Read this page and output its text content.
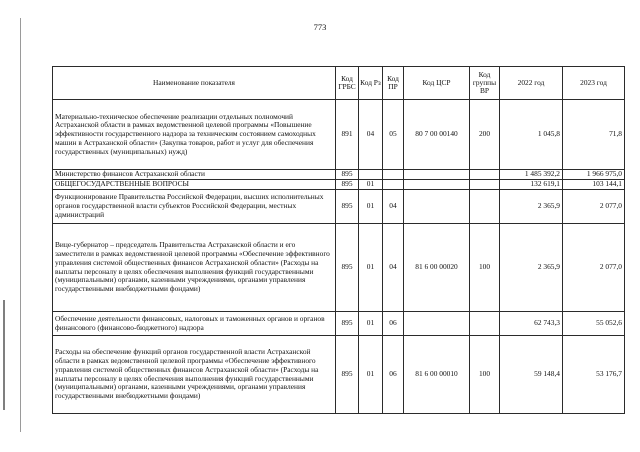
773
Наименование показателя	Код ГРБС	Код Рз	Код ПР	Код ЦСР	Код группы ВР	2022 год	2023 год
Материально-техническое обеспечение реализации отдельных полномочий Астраханской области в рамках ведомственной целевой программы «Повышение эффективности государственного надзора за техническим состоянием самоходных машин в Астраханской области» (Закупка товаров, работ и услуг для обеспечения государственных (муниципальных) нужд)	891	04	05	80 7 00 00140	200	1 045,8	71,8
Министерство финансов Астраханской области	895					1 485 392,2	1 966 975,0
ОБЩЕГОСУДАРСТВЕННЫЕ ВОПРОСЫ	895	01				132 619,1	103 144,1
Функционирование Правительства Российской Федерации, высших исполнительных органов государственной власти субъектов Российской Федерации, местных администраций	895	01	04			2 365,9	2 077,0
Вице-губернатор – председатель Правительства Астраханской области и его заместители в рамках ведомственной целевой программы «Обеспечение эффективного управления системой общественных финансов Астраханской области» (Расходы на выплаты персоналу в целях обеспечения выполнения функций государственными (муниципальными) органами, казенными учреждениями, органами управления государственными внебюджетными фондами)	895	01	04	81 6 00 00020	100	2 365,9	2 077,0
Обеспечение деятельности финансовых, налоговых и таможенных органов и органов финансового (финансово-бюджетного) надзора	895	01	06			62 743,3	55 052,6
Расходы на обеспечение функций органов государственной власти Астраханской области в рамках ведомственной целевой программы «Обеспечение эффективного управления системой общественных финансов Астраханской области» (Расходы на выплаты персоналу в целях обеспечения выполнения функций государственными (муниципальными) органами, казенными учреждениями, органами управления государственными внебюджетными фондами)	895	01	06	81 6 00 00010	100	59 148,4	53 176,7
